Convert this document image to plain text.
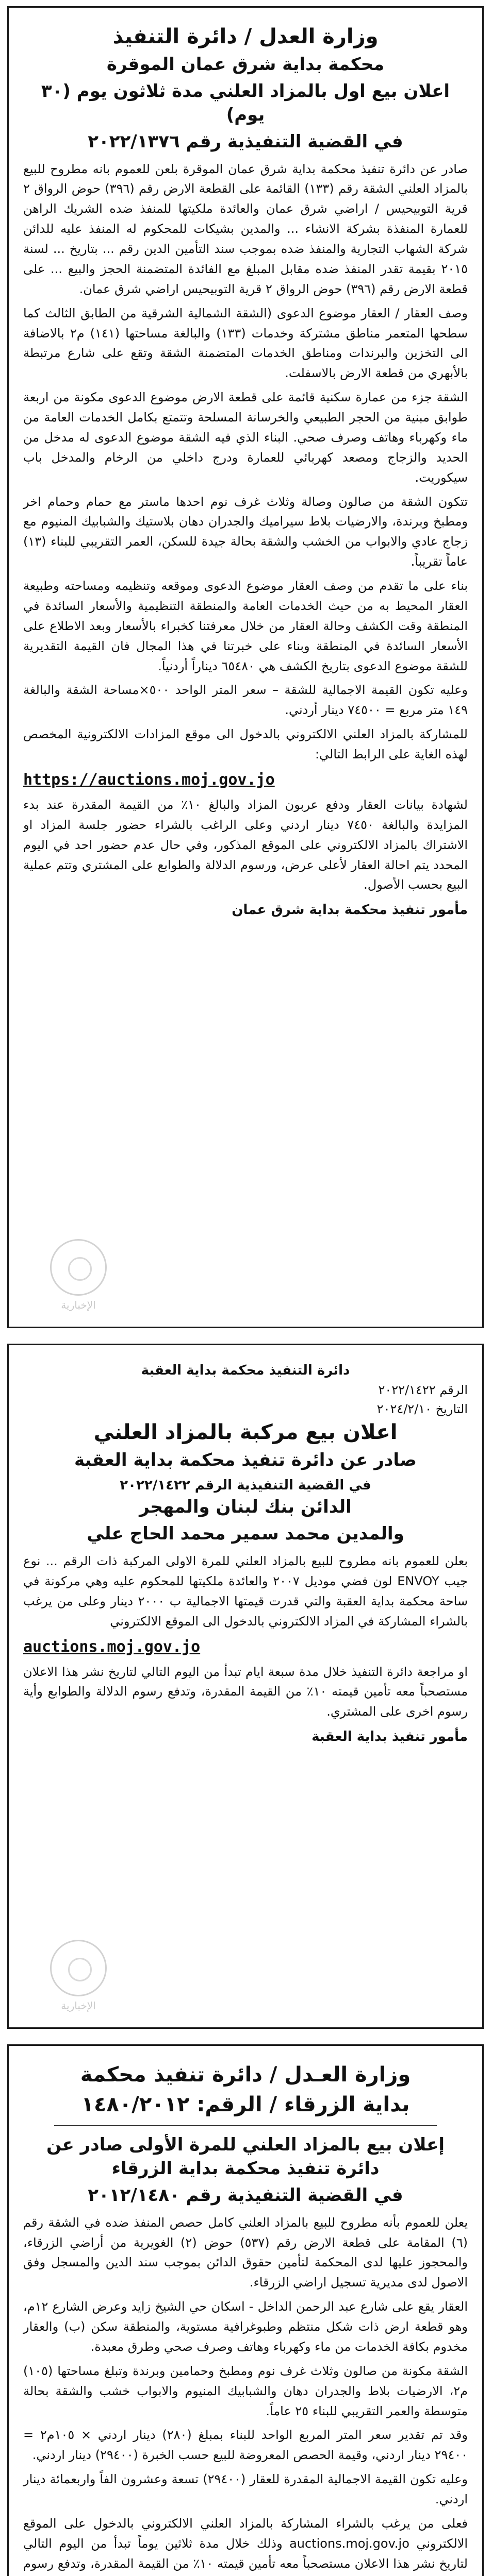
وزارة العدل / دائرة التنفيذ
محكمة بداية شرق عمان الموقرة
اعلان بيع اول بالمزاد العلني مدة ثلاثون يوم (٣٠ يوم)
في القضية التنفيذية رقم ٢٠٢٢/١٣٧٦

صادر عن دائرة تنفيذ محكمة بداية شرق عمان الموقرة بلعن للعموم بانه مطروح للبيع بالمزاد العلني الشقة رقم (١٣٣) القائمة على القطعة الارض رقم (٣٩٦) حوض الرواق ٢ قرية التوبيحيس / اراضي شرق عمان والعائدة ملكيتها للمنفذ ضده الشريك الراهن للعمارة المنفذة بشركة الانشاء ... والمدين بشيكات للمحكوم له المنفذ عليه للدائن شركة الشهاب التجارية والمنفذ ضده بموجب سند التأمين الدين رقم ... بتاريخ ... لسنة ٢٠١٥ بقيمة تقدر المنفذ ضده مقابل المبلغ مع الفائدة المتضمنة الحجز والبيع ... على قطعة الارض رقم (٣٩٦) حوض الرواق ٢ قرية التوبيحيس اراضي شرق عمان.

وصف العقار / العقار موضوع الدعوى (الشقة الشمالية الشرقية من الطابق الثالث كما سطحها المتعمر مناطق مشتركة وخدمات (١٣٣) والبالغة مساحتها (١٤١) م٢ بالاضافة الى التخزين والبرندات ومناطق الخدمات المتضمنة الشقة وتقع على شارع مرتبطة بالأبهري من قطعة الارض بالاسفلت.

الشقة جزء من عمارة سكنية قائمة على قطعة الارض موضوع الدعوى مكونة من اربعة طوابق مبنية من الحجر الطبيعي والخرسانة المسلحة وتتمتع بكامل الخدمات العامة من ماء وكهرباء وهاتف وصرف صحي. البناء الذي فيه الشقة موضوع الدعوى له مدخل من الحديد والزجاج ومصعد كهربائي للعمارة ودرج داخلي من الرخام والمدخل باب سيكوريت.

تتكون الشقة من صالون وصالة وثلاث غرف نوم احدها ماستر مع حمام وحمام اخر ومطبخ وبرندة، والارضيات بلاط سيراميك والجدران دهان بلاستيك والشبابيك المنيوم مع زجاج عادي والابواب من الخشب والشقة بحالة جيدة للسكن، العمر التقريبي للبناء (١٣) عاماً تقريباً.

بناء على ما تقدم من وصف العقار موضوع الدعوى وموقعه وتنظيمه ومساحته وطبيعة العقار المحيط به من حيث الخدمات العامة والمنطقة التنظيمية والأسعار السائدة في المنطقة وقت الكشف وحالة العقار من خلال معرفتنا كخبراء بالأسعار وبعد الاطلاع على الأسعار السائدة في المنطقة وبناء على خبرتنا في هذا المجال فان القيمة التقديرية للشقة موضوع الدعوى بتاريخ الكشف هي ٦٥٤٨٠ ديناراً أردنياً.

وعليه تكون القيمة الاجمالية للشقة – سعر المتر الواحد ٥٠٠×مساحة الشقة والبالغة ١٤٩ متر مربع = ٧٤٥٠٠ دينار أردني.

للمشاركة بالمزاد العلني الالكتروني بالدخول الى موقع المزادات الالكترونية المخصص لهذه الغاية على الرابط التالي:

https://auctions.moj.gov.jo
لشهادة بيانات العقار ودفع عربون المزاد والبالغ ١٠٪ من القيمة المقدرة عند بدء المزايدة والبالغة ٧٤٥٠ دينار اردني وعلى الراغب بالشراء حضور جلسة المزاد او الاشتراك بالمزاد الالكتروني على الموقع المذكور، وفي حال عدم حضور احد في اليوم المحدد يتم احالة العقار لأعلى عرض، ورسوم الدلالة والطوابع على المشتري وتتم عملية البيع بحسب الأصول.
مأمور تنفيذ محكمة بداية شرق عمان
الإخبارية
دائرة التنفيذ محكمة بداية العقبة
الرقم ٢٠٢٢/١٤٢٢
التاريخ ٢٠٢٤/٢/١٠
اعلان بيع مركبة بالمزاد العلني
صادر عن دائرة تنفيذ محكمة بداية العقبة
في القضية التنفيذية الرقم ٢٠٢٢/١٤٢٢
الدائن بنك لبنان والمهجر
والمدين محمد سمير محمد الحاج علي
بعلن للعموم بانه مطروح للبيع بالمزاد العلني للمرة الاولى المركبة ذات الرقم ... نوع جيب ENVOY لون فضي موديل ٢٠٠٧ والعائدة ملكيتها للمحكوم عليه وهي مركونة في ساحة محكمة بداية العقبة والتي قدرت قيمتها الاجمالية ب ٢٠٠٠ دينار وعلى من يرغب بالشراء المشاركة في المزاد الالكتروني بالدخول الى الموقع الالكتروني
auctions.moj.gov.jo
او مراجعة دائرة التنفيذ خلال مدة سبعة ايام تبدأ من اليوم التالي لتاريخ نشر هذا الاعلان مستصحباً معه تأمين قيمته ١٠٪ من القيمة المقدرة، وتدفع رسوم الدلالة والطوابع وأية رسوم اخرى على المشتري.
مأمور تنفيذ بداية العقبة
الإخبارية
وزارة العـدل / دائرة تنفيذ محكمة
بداية الزرقاء / الرقم: ١٤٨٠/٢٠١٢
إعلان بيع بالمزاد العلني للمرة الأولى صادر عن دائرة تنفيذ محكمة بداية الزرقاء
في القضية التنفيذية رقم ٢٠١٢/١٤٨٠

يعلن للعموم بأنه مطروح للبيع بالمزاد العلني كامل حصص المنفذ ضده في الشقة رقم (٦) المقامة على قطعة الارض رقم (٥٣٧) حوض (٢) الغويرية من أراضي الزرقاء، والمحجوز عليها لدى المحكمة لتأمين حقوق الدائن بموجب سند الدين والمسجل وفق الاصول لدى مديرية تسجيل اراضي الزرقاء.

العقار يقع على شارع عبد الرحمن الداخل - اسكان حي الشيخ زايد وعرض الشارع ١٢م، وهو قطعة ارض ذات شكل منتظم وطبوغرافية مستوية، والمنطقة سكن (ب) والعقار مخدوم بكافة الخدمات من ماء وكهرباء وهاتف وصرف صحي وطرق معبدة.

الشقة مكونة من صالون وثلاث غرف نوم ومطبخ وحمامين وبرندة وتبلغ مساحتها (١٠٥) م٢، الارضيات بلاط والجدران دهان والشبابيك المنيوم والابواب خشب والشقة بحالة متوسطة والعمر التقريبي للبناء ٢٥ عاماً.

وقد تم تقدير سعر المتر المربع الواحد للبناء بمبلغ (٢٨٠) دينار اردني × ١٠٥م٢ = ٢٩٤٠٠ دينار اردني، وقيمة الحصص المعروضة للبيع حسب الخبرة (٢٩٤٠٠) دينار اردني.

وعليه تكون القيمة الاجمالية المقدرة للعقار (٢٩٤٠٠) تسعة وعشرون الفاً واربعمائة دينار اردني.

فعلى من يرغب بالشراء المشاركة بالمزاد العلني الالكتروني بالدخول على الموقع الالكتروني auctions.moj.gov.jo وذلك خلال مدة ثلاثين يوماً تبدأ من اليوم التالي لتاريخ نشر هذا الاعلان مستصحباً معه تأمين قيمته ١٠٪ من القيمة المقدرة، وتدفع رسوم
